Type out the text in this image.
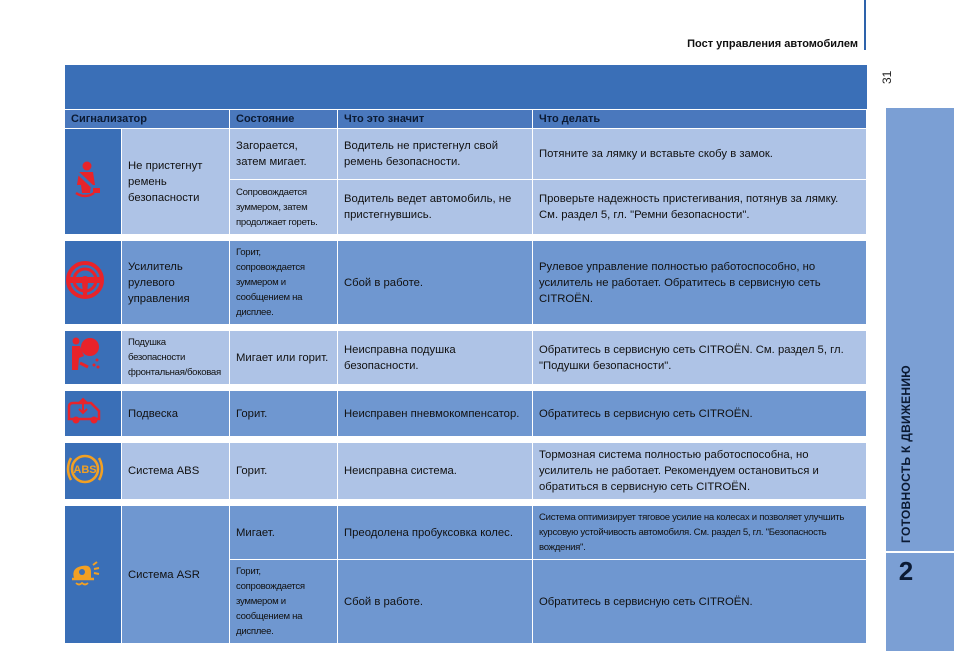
Пост управления автомобилем
31
ГОТОВНОСТЬ К ДВИЖЕНИЮ
2
Сигнализатор		Состояние	Что это значит	Что делать
	Не пристегнут ремень безопасности	Загорается, затем мигает.	Водитель не пристегнул свой ремень безопасности.	Потяните за лямку и вставьте скобу в замок.
		Сопровождается зуммером, затем продолжает гореть.	Водитель ведет автомобиль, не пристегнувшись.	Проверьте надежность пристегивания, потянув за лямку. См. раздел 5, гл. "Ремни безопасности".

	Усилитель рулевого управления	Горит, сопровождается зуммером и сообщением на дисплее.	Сбой в работе.	Рулевое управление полностью работоспособно, но усилитель не работает. Обратитесь в сервисную сеть CITROËN.

	Подушка безопасности фронтальная/боковая	Мигает или горит.	Неисправна подушка безопасности.	Обратитесь в сервисную сеть CITROËN. См. раздел 5, гл. "Подушки безопасности".

	Подвеска	Горит.	Неисправен пневмокомпенсатор.	Обратитесь в сервисную сеть CITROËN.

ABS	Система ABS	Горит.	Неисправна система.	Тормозная система полностью работоспособна, но усилитель не работает. Рекомендуем остановиться и обратиться в сервисную сеть CITROËN.

	Система ASR	Мигает.	Преодолена пробуксовка колес.	Система оптимизирует тяговое усилие на колесах и позволяет улучшить курсовую устойчивость автомобиля. См. раздел 5, гл. "Безопасность вождения".
		Горит, сопровождается зуммером и сообщением на дисплее.	Сбой в работе.	Обратитесь в сервисную сеть CITROËN.
